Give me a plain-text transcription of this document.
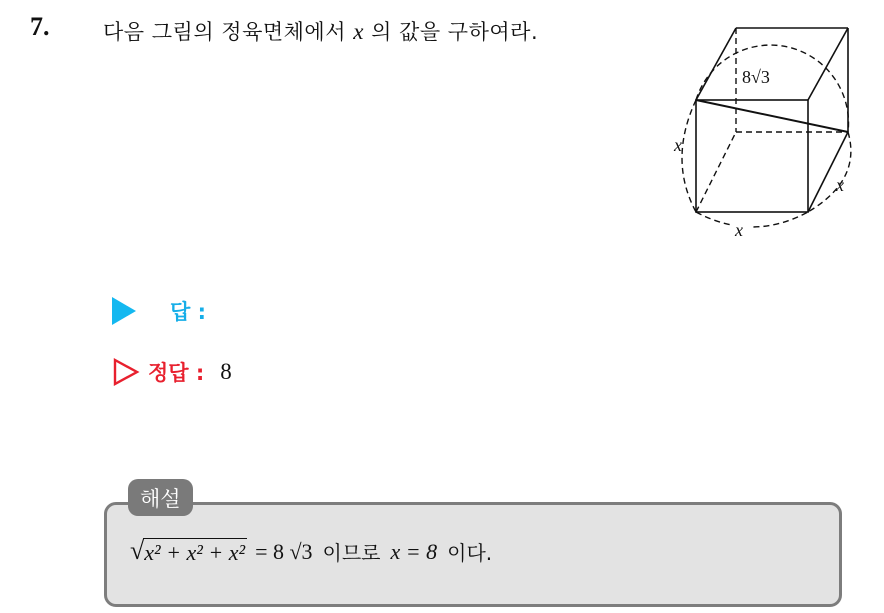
7.	다음 그림의 정육면체에서 x 의 값을 구하여라.
8√3
x
x
x
답 :
정답 : 8
해설
√ x² + x² + x² = 8 √3 이므로 x = 8 이다.
